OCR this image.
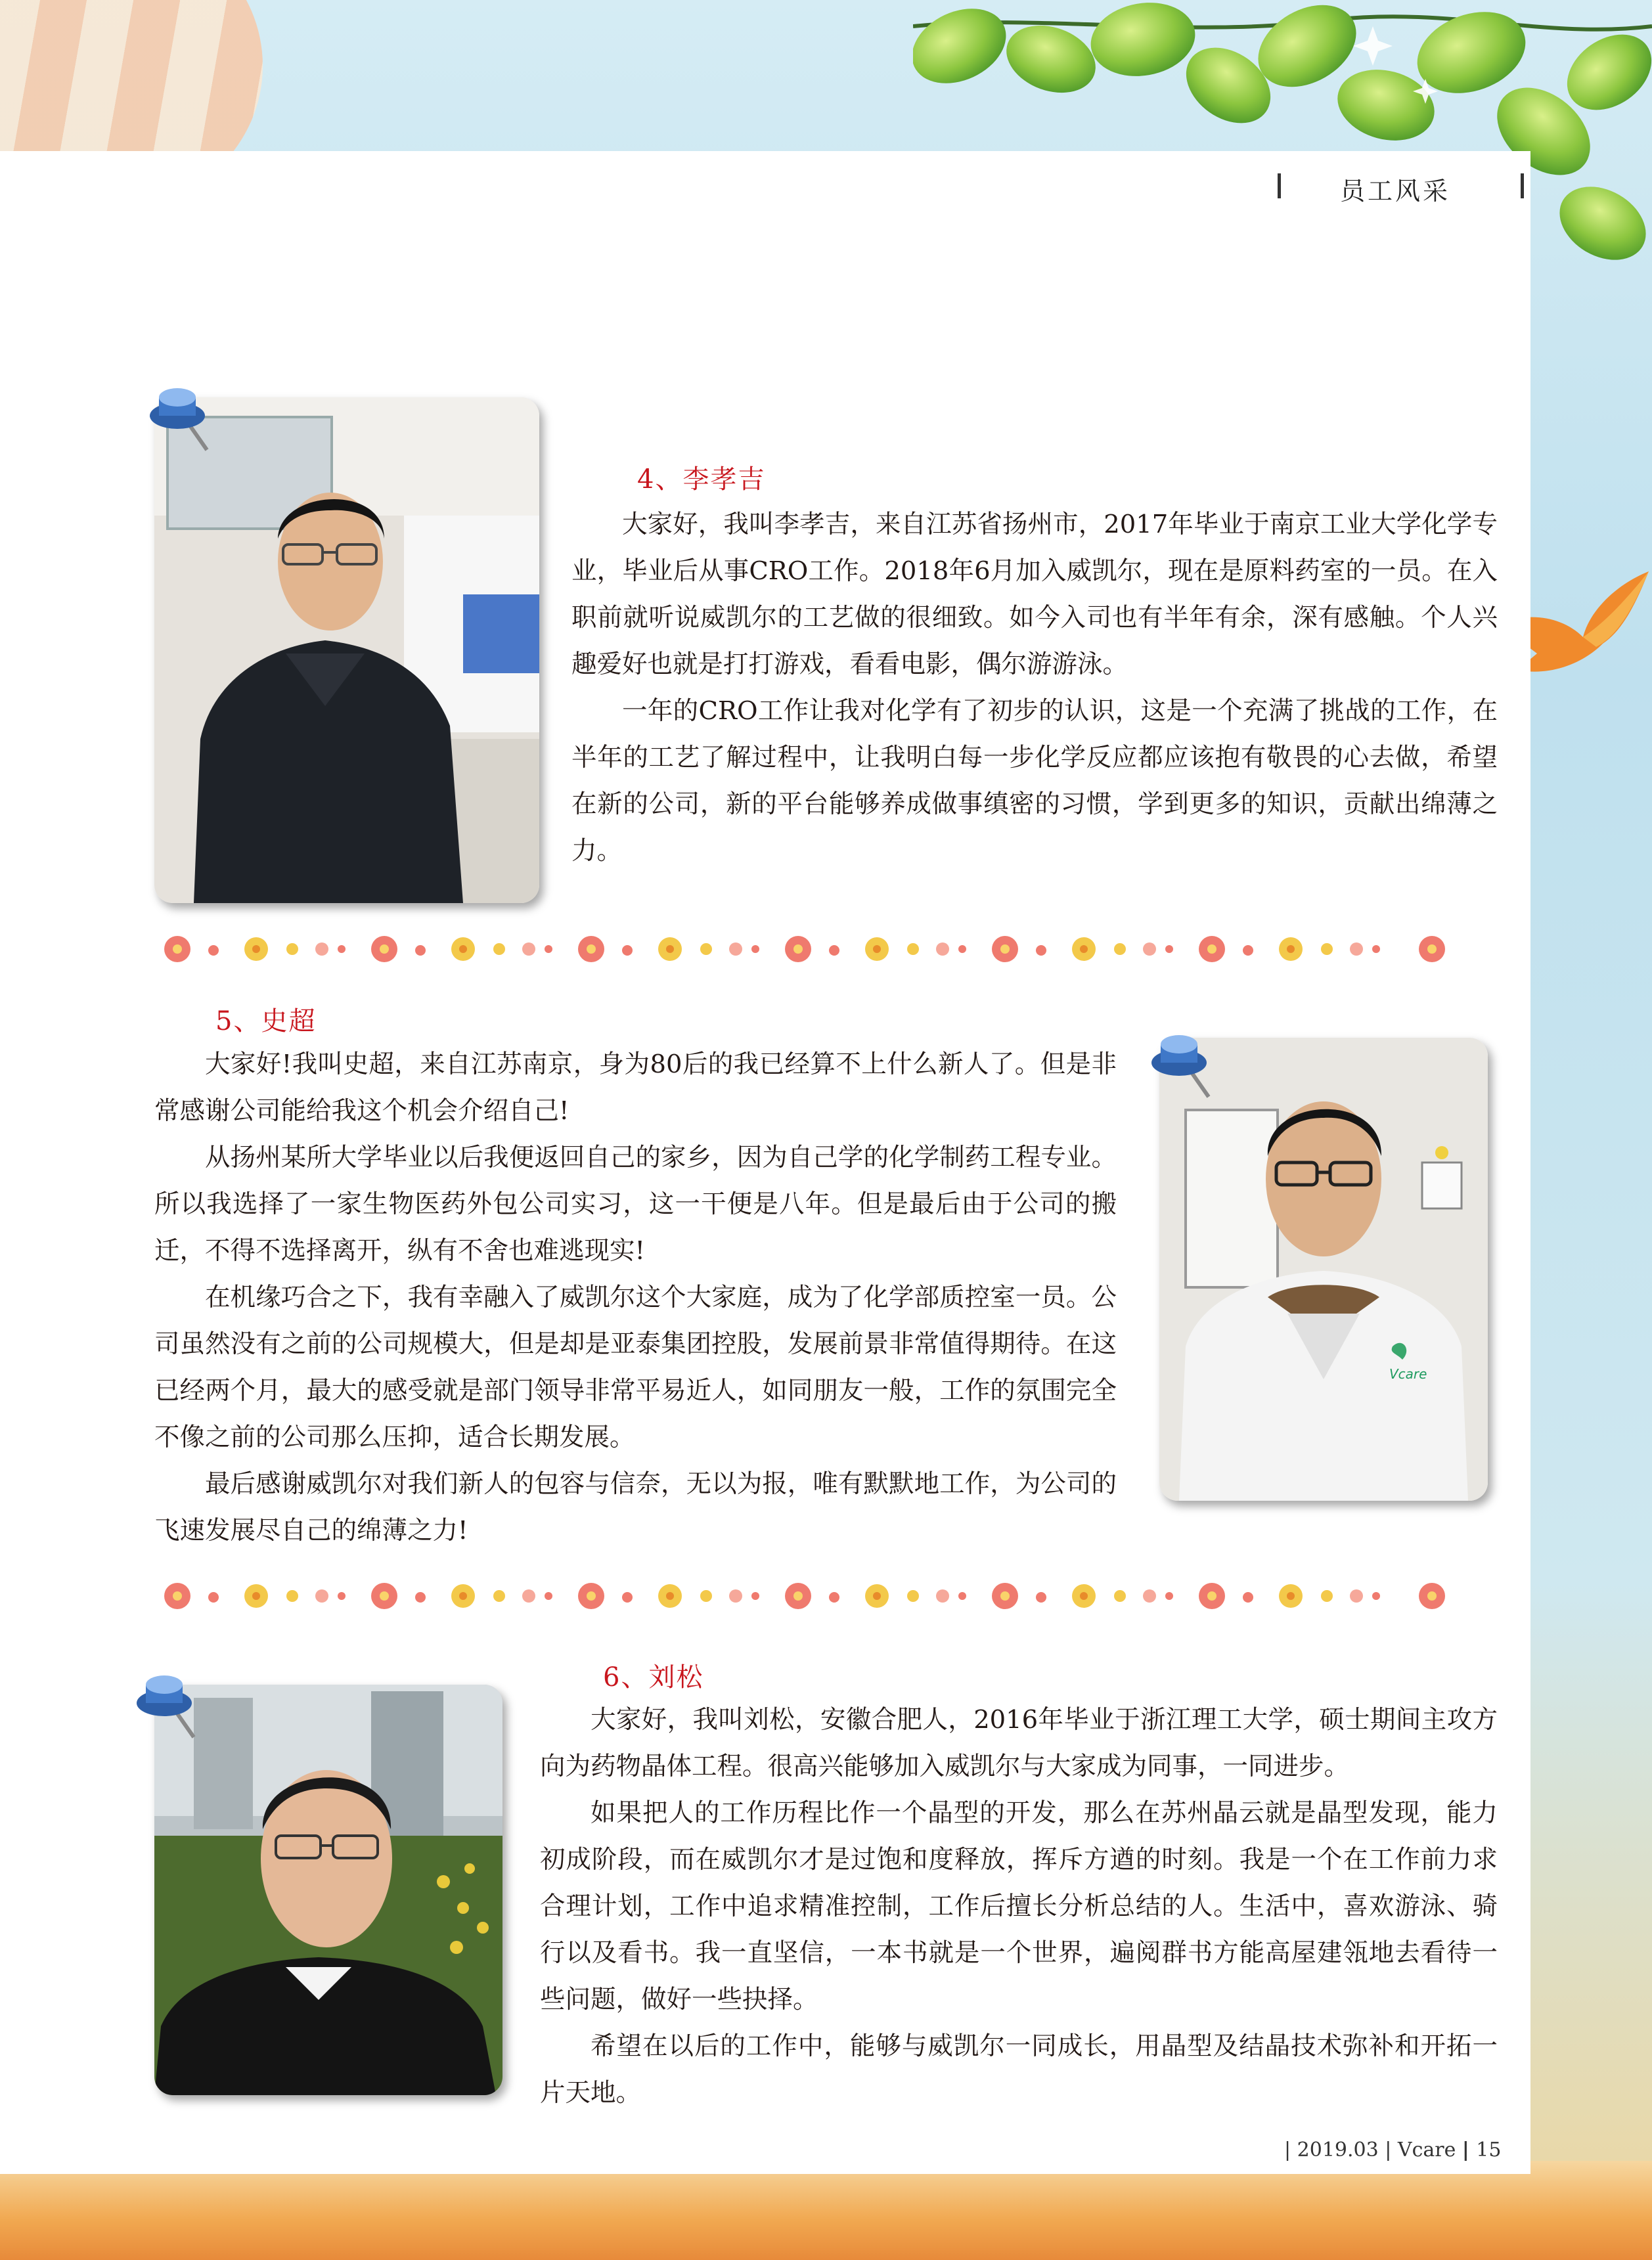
员工风采
4、李孝吉

大家好，我叫李孝吉，来自江苏省扬州市，2017年毕业于南京工业大学化学专业，毕业后从事CRO工作。2018年6月加入威凯尔，现在是原料药室的一员。在入职前就听说威凯尔的工艺做的很细致。如今入司也有半年有余，深有感触。个人兴趣爱好也就是打打游戏，看看电影，偶尔游游泳。

一年的CRO工作让我对化学有了初步的认识，这是一个充满了挑战的工作，在半年的工艺了解过程中，让我明白每一步化学反应都应该抱有敬畏的心去做，希望在新的公司，新的平台能够养成做事缜密的习惯，学到更多的知识，贡献出绵薄之力。

5、史超

大家好!我叫史超，来自江苏南京，身为80后的我已经算不上什么新人了。但是非常感谢公司能给我这个机会介绍自己!

从扬州某所大学毕业以后我便返回自己的家乡，因为自己学的化学制药工程专业。所以我选择了一家生物医药外包公司实习，这一干便是八年。但是最后由于公司的搬迁，不得不选择离开，纵有不舍也难逃现实!

在机缘巧合之下，我有幸融入了威凯尔这个大家庭，成为了化学部质控室一员。公司虽然没有之前的公司规模大，但是却是亚泰集团控股，发展前景非常值得期待。在这已经两个月，最大的感受就是部门领导非常平易近人，如同朋友一般，工作的氛围完全不像之前的公司那么压抑，适合长期发展。

最后感谢威凯尔对我们新人的包容与信奈，无以为报，唯有默默地工作，为公司的飞速发展尽自己的绵薄之力!

Vcare
6、刘松

大家好，我叫刘松，安徽合肥人，2016年毕业于浙江理工大学，硕士期间主攻方向为药物晶体工程。很高兴能够加入威凯尔与大家成为同事，一同进步。

如果把人的工作历程比作一个晶型的开发，那么在苏州晶云就是晶型发现，能力初成阶段，而在威凯尔才是过饱和度释放，挥斥方遒的时刻。我是一个在工作前力求合理计划，工作中追求精准控制，工作后擅长分析总结的人。生活中，喜欢游泳、骑行以及看书。我一直坚信，一本书就是一个世界，遍阅群书方能高屋建瓴地去看待一些问题，做好一些抉择。

希望在以后的工作中，能够与威凯尔一同成长，用晶型及结晶技术弥补和开拓一片天地。

| 2019.03 | Vcare | 15
